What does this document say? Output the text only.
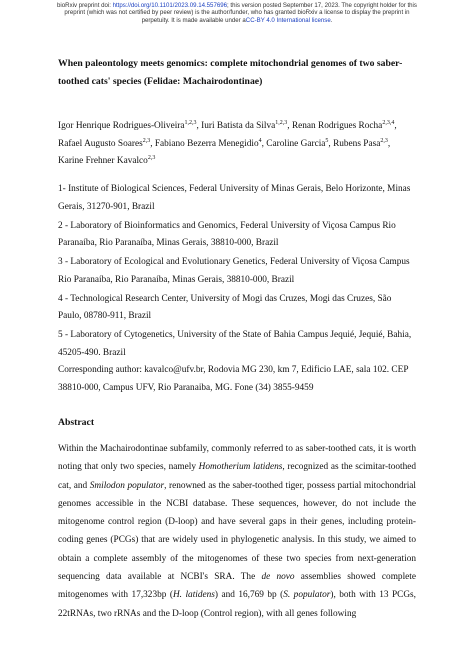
bioRxiv preprint doi: https://doi.org/10.1101/2023.09.14.557696; this version posted September 17, 2023. The copyright holder for this
preprint (which was not certified by peer review) is the author/funder, who has granted bioRxiv a license to display the preprint in
perpetuity. It is made available under aCC-BY 4.0 International license.
When paleontology meets genomics: complete mitochondrial genomes of two saber-toothed cats' species (Felidae: Machairodontinae)
Igor Henrique Rodrigues-Oliveira$^{1,2,3}$, Iuri Batista da Silva$^{1,2,3}$, Renan Rodrigues Rocha$^{2,3,4}$, Rafael Augusto Soares$^{2,3}$, Fabiano Bezerra Menegidio$^4$, Caroline Garcia$^5$, Rubens Pasa$^{2,3}$,
Karine Frehner Kavalco$^{2,3}$

1- Institute of Biological Sciences, Federal University of Minas Gerais, Belo Horizonte, Minas Gerais, 31270-901, Brazil

2 - Laboratory of Bioinformatics and Genomics, Federal University of Viçosa Campus Rio Paranaíba, Rio Paranaíba, Minas Gerais, 38810-000, Brazil

3 - Laboratory of Ecological and Evolutionary Genetics, Federal University of Viçosa Campus Rio Paranaíba, Rio Paranaíba, Minas Gerais, 38810-000, Brazil

4 - Technological Research Center, University of Mogi das Cruzes, Mogi das Cruzes, São Paulo, 08780-911, Brazil

5 - Laboratory of Cytogenetics, University of the State of Bahia Campus Jequié, Jequié, Bahia, 45205-490. Brazil

Corresponding author: kavalco@ufv.br, Rodovia MG 230, km 7, Edificio LAE, sala 102. CEP 38810-000, Campus UFV, Rio Paranaiba, MG. Fone (34) 3855-9459
Abstract
Within the Machairodontinae subfamily, commonly referred to as saber-toothed cats, it is worth noting that only two species, namely Homotherium latidens, recognized as the scimitar-toothed cat, and Smilodon populator, renowned as the saber-toothed tiger, possess partial mitochondrial genomes accessible in the NCBI database. These sequences, however, do not include the mitogenome control region (D-loop) and have several gaps in their genes, including protein-coding genes (PCGs) that are widely used in phylogenetic analysis. In this study, we aimed to obtain a complete assembly of the mitogenomes of these two species from next-generation sequencing data available at NCBI's SRA. The de novo assemblies showed complete mitogenomes with 17,323bp (H. latidens) and 16,769 bp (S. populator), both with 13 PCGs, 22tRNAs, two rRNAs and the D-loop (Control region), with all genes following
